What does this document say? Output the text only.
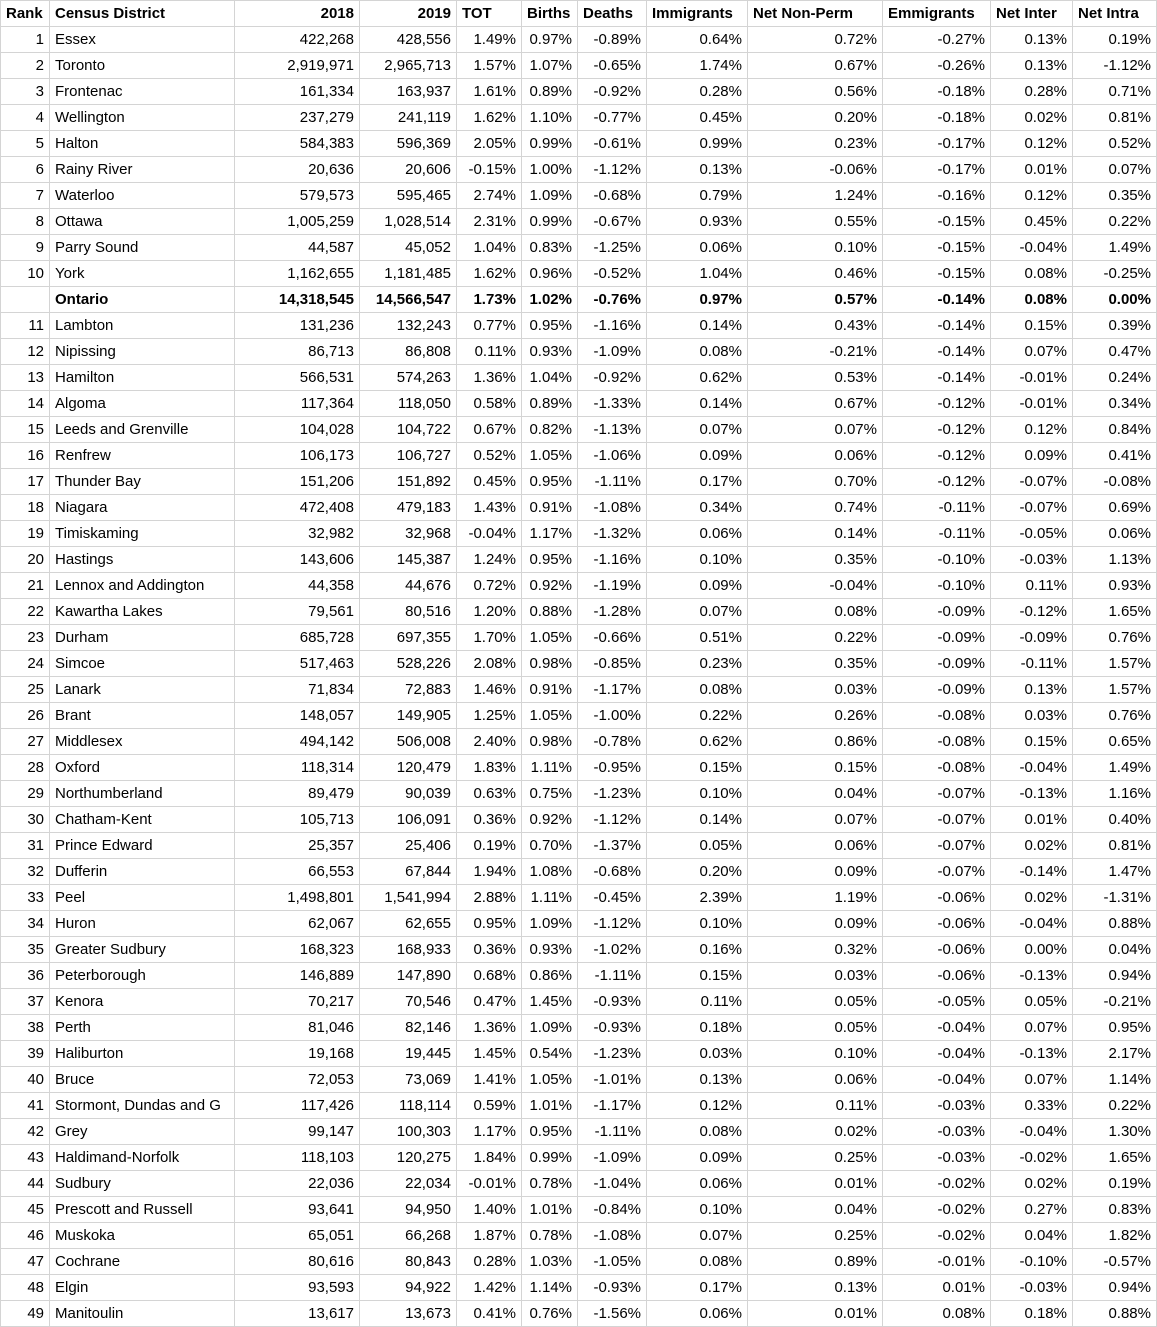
Rank Census District	2018	2019 TOT	Births Deaths	Immigrants	Net Non-Perm	Emmigrants	Net Inter	Net Intra
1 Essex	422,268	428,556	1.49% 0.97%	-0.89%	0.64%	0.72%	-0.27%	0.13%	0.19%
2 Toronto	2,919,971	2,965,713	1.57% 1.07%	-0.65%	1.74%	0.67%	-0.26%	0.13%	-1.12%
3 Frontenac	161,334	163,937	1.61% 0.89%	-0.92%	0.28%	0.56%	-0.18%	0.28%	0.71%
4 Wellington	237,279	241,119	1.62% 1.10%	-0.77%	0.45%	0.20%	-0.18%	0.02%	0.81%
5 Halton	584,383	596,369	2.05% 0.99%	-0.61%	0.99%	0.23%	-0.17%	0.12%	0.52%
6 Rainy River	20,636	20,606	-0.15% 1.00%	-1.12%	0.13%	-0.06%	-0.17%	0.01%	0.07%
7 Waterloo	579,573	595,465	2.74% 1.09%	-0.68%	0.79%	1.24%	-0.16%	0.12%	0.35%
8 Ottawa	1,005,259	1,028,514	2.31% 0.99%	-0.67%	0.93%	0.55%	-0.15%	0.45%	0.22%
9 Parry Sound	44,587	45,052	1.04% 0.83%	-1.25%	0.06%	0.10%	-0.15%	-0.04%	1.49%
10 York	1,162,655	1,181,485	1.62% 0.96%	-0.52%	1.04%	0.46%	-0.15%	0.08%	-0.25%
Ontario	14,318,545	14,566,547	1.73% 1.02%	-0.76%	0.97%	0.57%	-0.14%	0.08%	0.00%
11 Lambton	131,236	132,243	0.77% 0.95%	-1.16%	0.14%	0.43%	-0.14%	0.15%	0.39%
12 Nipissing	86,713	86,808	0.11% 0.93%	-1.09%	0.08%	-0.21%	-0.14%	0.07%	0.47%
13 Hamilton	566,531	574,263	1.36% 1.04%	-0.92%	0.62%	0.53%	-0.14%	-0.01%	0.24%
14 Algoma	117,364	118,050	0.58% 0.89%	-1.33%	0.14%	0.67%	-0.12%	-0.01%	0.34%
15 Leeds and Grenville	104,028	104,722	0.67% 0.82%	-1.13%	0.07%	0.07%	-0.12%	0.12%	0.84%
16 Renfrew	106,173	106,727	0.52% 1.05%	-1.06%	0.09%	0.06%	-0.12%	0.09%	0.41%
17 Thunder Bay	151,206	151,892	0.45% 0.95%	-1.11%	0.17%	0.70%	-0.12%	-0.07%	-0.08%
18 Niagara	472,408	479,183	1.43% 0.91%	-1.08%	0.34%	0.74%	-0.11%	-0.07%	0.69%
19 Timiskaming	32,982	32,968	-0.04% 1.17%	-1.32%	0.06%	0.14%	-0.11%	-0.05%	0.06%
20 Hastings	143,606	145,387	1.24% 0.95%	-1.16%	0.10%	0.35%	-0.10%	-0.03%	1.13%
21 Lennox and Addington	44,358	44,676	0.72% 0.92%	-1.19%	0.09%	-0.04%	-0.10%	0.11%	0.93%
22 Kawartha Lakes	79,561	80,516	1.20% 0.88%	-1.28%	0.07%	0.08%	-0.09%	-0.12%	1.65%
23 Durham	685,728	697,355	1.70% 1.05%	-0.66%	0.51%	0.22%	-0.09%	-0.09%	0.76%
24 Simcoe	517,463	528,226	2.08% 0.98%	-0.85%	0.23%	0.35%	-0.09%	-0.11%	1.57%
25 Lanark	71,834	72,883	1.46% 0.91%	-1.17%	0.08%	0.03%	-0.09%	0.13%	1.57%
26 Brant	148,057	149,905	1.25% 1.05%	-1.00%	0.22%	0.26%	-0.08%	0.03%	0.76%
27 Middlesex	494,142	506,008	2.40% 0.98%	-0.78%	0.62%	0.86%	-0.08%	0.15%	0.65%
28 Oxford	118,314	120,479	1.83% 1.11%	-0.95%	0.15%	0.15%	-0.08%	-0.04%	1.49%
29 Northumberland	89,479	90,039	0.63% 0.75%	-1.23%	0.10%	0.04%	-0.07%	-0.13%	1.16%
30 Chatham-Kent	105,713	106,091	0.36% 0.92%	-1.12%	0.14%	0.07%	-0.07%	0.01%	0.40%
31 Prince Edward	25,357	25,406	0.19% 0.70%	-1.37%	0.05%	0.06%	-0.07%	0.02%	0.81%
32 Dufferin	66,553	67,844	1.94% 1.08%	-0.68%	0.20%	0.09%	-0.07%	-0.14%	1.47%
33 Peel	1,498,801	1,541,994	2.88% 1.11%	-0.45%	2.39%	1.19%	-0.06%	0.02%	-1.31%
34 Huron	62,067	62,655	0.95% 1.09%	-1.12%	0.10%	0.09%	-0.06%	-0.04%	0.88%
35 Greater Sudbury	168,323	168,933	0.36% 0.93%	-1.02%	0.16%	0.32%	-0.06%	0.00%	0.04%
36 Peterborough	146,889	147,890	0.68% 0.86%	-1.11%	0.15%	0.03%	-0.06%	-0.13%	0.94%
37 Kenora	70,217	70,546	0.47% 1.45%	-0.93%	0.11%	0.05%	-0.05%	0.05%	-0.21%
38 Perth	81,046	82,146	1.36% 1.09%	-0.93%	0.18%	0.05%	-0.04%	0.07%	0.95%
39 Haliburton	19,168	19,445	1.45% 0.54%	-1.23%	0.03%	0.10%	-0.04%	-0.13%	2.17%
40 Bruce	72,053	73,069	1.41% 1.05%	-1.01%	0.13%	0.06%	-0.04%	0.07%	1.14%
41 Stormont, Dundas and G	117,426	118,114	0.59% 1.01%	-1.17%	0.12%	0.11%	-0.03%	0.33%	0.22%
42 Grey	99,147	100,303	1.17% 0.95%	-1.11%	0.08%	0.02%	-0.03%	-0.04%	1.30%
43 Haldimand-Norfolk	118,103	120,275	1.84% 0.99%	-1.09%	0.09%	0.25%	-0.03%	-0.02%	1.65%
44 Sudbury	22,036	22,034	-0.01% 0.78%	-1.04%	0.06%	0.01%	-0.02%	0.02%	0.19%
45 Prescott and Russell	93,641	94,950	1.40% 1.01%	-0.84%	0.10%	0.04%	-0.02%	0.27%	0.83%
46 Muskoka	65,051	66,268	1.87% 0.78%	-1.08%	0.07%	0.25%	-0.02%	0.04%	1.82%
47 Cochrane	80,616	80,843	0.28% 1.03%	-1.05%	0.08%	0.89%	-0.01%	-0.10%	-0.57%
48 Elgin	93,593	94,922	1.42% 1.14%	-0.93%	0.17%	0.13%	0.01%	-0.03%	0.94%
49 Manitoulin	13,617	13,673	0.41% 0.76%	-1.56%	0.06%	0.01%	0.08%	0.18%	0.88%
